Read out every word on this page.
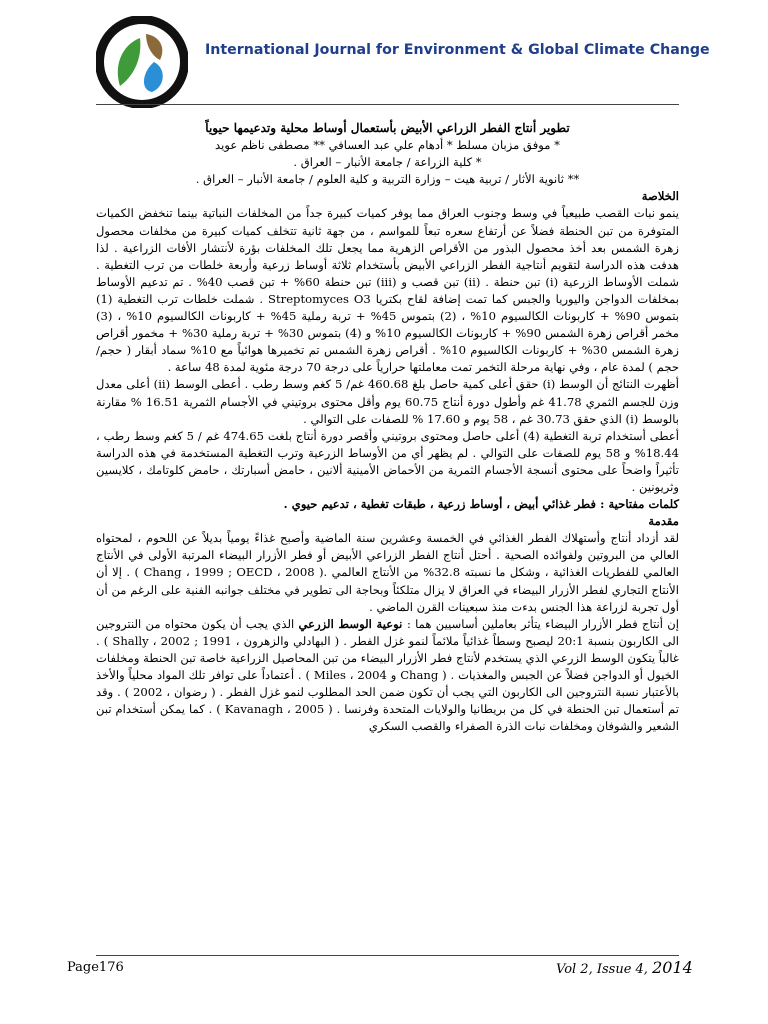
International Journal for Environment & Global Climate Change

تطوير أنتاج الفطر الزراعي الأبيض بأستعمال أوساط محلية وتدعيمها حيوياً

* موفق مزبان مسلط * أدهام علي عبد العساﻓﻲ ** مصطفى ناظم عويد

* كلية الزراعة / جامعة الأنبار – العراق .

** ثانوية الأثار / تربية هيت – وزارة التربية و كلية العلوم / جامعة الأنبار – العراق .

الخلاصة

ينمو نبات القصب طبيعياً في وسط وجنوب العراق مما يوفر كميات كبيرة جداً من المخلفات النباتية بينما تنخفض الكميات المتوفرة من تبن الحنطة فضلاً عن أرتفاع سعره تبعاً للمواسم ، من جهة ثانية تتخلف كميات كبيرة من مخلفات محصول زهرة الشمس بعد أخذ محصول البذور من الأقراص الزهرية مما يجعل تلك المخلفات بؤرة لأنتشار الأفات الزراعية . لذا هدفت هذه الدراسة لتقويم أنتاجية الفطر الزراعي الأبيض بأستخدام ثلاثة أوساط زرعية وأربعة خلطات من ترب التغطية . شملت الأوساط الزرعية (i) تبن حنطة . (ii) تبن قصب و (iii) تبن حنطة 60% + تبن قصب 40% . تم تدعيم الأوساط بمخلفات الدواجن واليوريا والجبس كما تمت إضافة لقاح بكتريا Streptomyces O3 . شملت خلطات ترب التغطية (1) بتموس 90% + كاربونات الكالسيوم 10% ، (2) بتموس 45% + تربة رملية 45% + كاربونات الكالسيوم 10% ، (3) مخمر أقراص زهرة الشمس 90% + كاربونات الكالسيوم 10% و (4) بتموس 30% + تربة رملية 30% + مخمور أقراص زهرة الشمس 30% + كاربونات الكالسيوم 10% . أقراص زهرة الشمس تم تخميرها هوائياً مع 10% سماد أبقار ( حجم/ حجم ) لمدة عام ، وفي نهاية مرحلة التخمر تمت معاملتها حرارياً على درجة 70 درجة مئوية لمدة 48 ساعة .

أظهرت النتائج أن الوسط (i) حقق أعلى كمية حاصل بلغ 460.68 غم/ 5 كغم وسط رطب . أعطى الوسط (ii) أعلى معدل وزن للجسم الثمري 41.78 غم وأطول دورة أنتاج 60.75 يوم وأقل محتوى بروتيني في الأجسام الثمرية 16.51 % مقارنة بالوسط (i) الذي حقق 30.73 غم ، 58 يوم و 17.60 % للصفات على التوالي .

أعطى أستخدام تربة التغطية (4) أعلى حاصل ومحتوى بروتيني وأقصر دورة أنتاج بلغت 474.65 غم / 5 كغم وسط رطب ، 18.44% و 58 يوم للصفات على التوالي . لم يظهر أي من الأوساط الزرعية وترب التغطية المستخدمة في هذه الدراسة تأثيراً واضحاً على محتوى أنسجة الأجسام الثمرية من الأحماض الأمينية ألانين ، حامض أسبارتك ، حامض كلوتامك ، كلايسين وثريونين .

كلمات مفتاحية : فطر غذائي أبيض ، أوساط زرعية ، طبقات تغطية ، تدعيم حيوي .

مقدمة

لقد أزداد أنتاج وأستهلاك الفطر الغذائي في الخمسة وعشرين سنة الماضية وأصبح غذاءً يومياً بديلاً عن اللحوم ، لمحتواه العالي من البروتين ولفوائده الصحية . أحتل أنتاج الفطر الزراعي الأبيض أو فطر الأزرار البيضاء المرتبة الأولى في الأنتاج العالمي للفطريات الغذائية ، وشكل ما نسبته 32.8% من الأنتاج العالمي .( Chang ، 1999 ; OECD ، 2008 ) . إلا أن الأنتاج التجاري لفطر الأزرار البيضاء في العراق لا يزال متلكئاً وبحاجة الى تطوير في مختلف جوانبه الفنية على الرغم من أن أول تجربة لزراعة هذا الجنس بدءت منذ سبعينات القرن الماضي .

إن أنتاج فطر الأزرار البيضاء يتأثر بعاملين أساسيين هما : نوعية الوسط الزرعي الذي يجب أن يكون محتواه من النتروجين الى الكاربون بنسبة 20:1 ليصبح وسطاً غذائياً ملائماً لنمو غزل الفطر . ( البهادلي والزهرون ، 1991 ; Shally ، 2002 ) . غالباً يتكون الوسط الزرعي الذي يستخدم لأنتاج فطر الأزرار البيضاء من تبن المحاصيل الزراعية خاصة تبن الحنطة ومخلفات الخيول أو الدواجن فضلاً عن الجبس والمغذيات . ( Chang و Miles ، 2004 ) . أعتماداً على توافر تلك المواد محلياً والأخذ بالأعتبار نسبة النتروجين الى الكاربون التي يجب أن تكون ضمن الحد المطلوب لنمو غزل الفطر . ( رضوان ، 2002 ) . وقد تم أستعمال تبن الحنطة في كل من بريطانيا والولايات المتحدة وفرنسا . ( Kavanagh ، 2005 ) . كما يمكن أستخدام تبن الشعير والشوفان ومخلفات نبات الذرة الصفراء والقصب السكري

Page176	Vol 2, Issue 4, 2014
